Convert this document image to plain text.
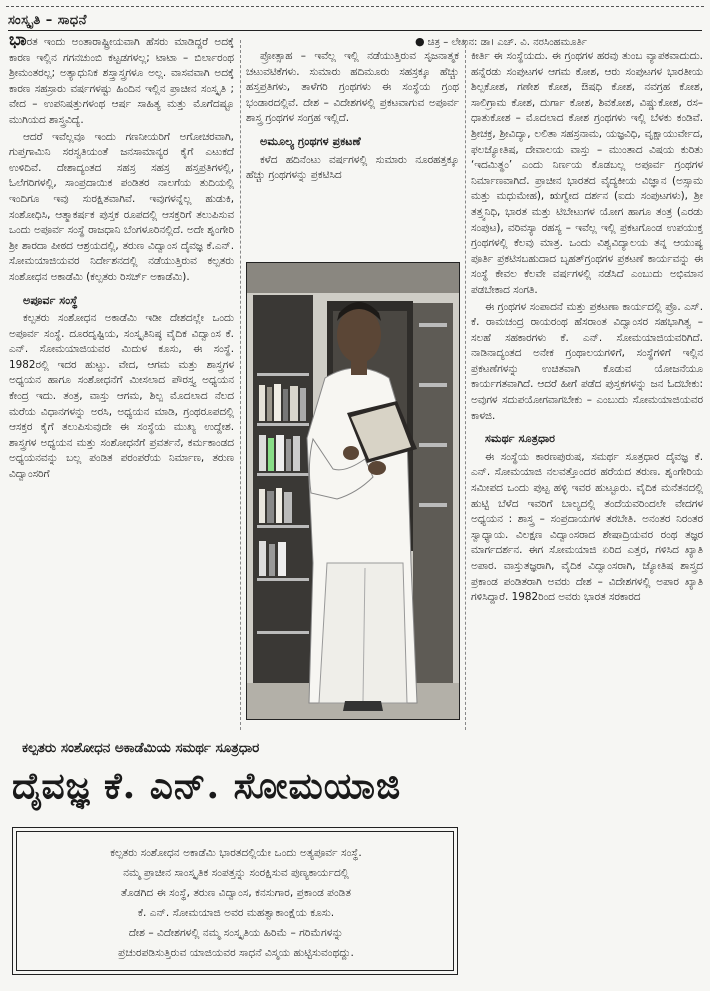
ಸಂಸ್ಕೃತಿ – ಸಾಧನೆ
● ಚಿತ್ರ – ಲೇಖನ: ಡಾ। ಎಚ್. ವಿ. ನರಸಿಂಹಮೂರ್ತಿ

ಭಾರತ ಇಂದು ಅಂತಾರಾಷ್ಟ್ರೀಯವಾಗಿ ಹೆಸರು ಮಾಡಿದ್ದರೆ ಅದಕ್ಕೆ ಕಾರಣ ಇಲ್ಲಿನ ಗಗನಚುಂಬಿ ಕಟ್ಟಡಗಳಲ್ಲ; ಟಾಟಾ – ಬಿರ್ಲಾರಂಥ ಶ್ರೀಮಂತರಲ್ಲ; ಅತ್ಯಾಧುನಿಕ ಶಸ್ತ್ರಾಸ್ತ್ರಗಳೂ ಅಲ್ಲ. ವಾಸವವಾಗಿ ಅದಕ್ಕೆ ಕಾರಣ ಸಹಸ್ರಾರು ವರ್ಷಗಳಷ್ಟು ಹಿಂದಿನ ಇಲ್ಲಿನ ಪ್ರಾಚೀನ ಸಂಸ್ಕೃತಿ ; ವೇದ – ಉಪನಿಷತ್ತುಗಳಂಥ ಆರ್ಷ ಸಾಹಿತ್ಯ ಮತ್ತು ಮೊಗೆದಷ್ಟೂ ಮುಗಿಯದ ಶಾಸ್ತ್ರವಿದ್ಯೆ.

ಆದರೆ ಇವೆಲ್ಲವೂ ಇಂದು ಗಣನೀಯರಿಗೆ ಅಗೋಚರವಾಗಿ, ಗುಪ್ತಗಾಮಿನಿ ಸರಸ್ವತಿಯಂತೆ ಜನಸಾಮಾನ್ಯರ ಕೈಗೆ ಎಟುಕದೆ ಉಳಿದಿವೆ. ದೇಶಾದ್ಯಂತದ ಸಹಸ್ರ ಸಹಸ್ರ ಹಸ್ತಪ್ರತಿಗಳಲ್ಲಿ, ಓಲೆಗರಿಗಳಲ್ಲಿ, ಸಾಂಪ್ರದಾಯಿಕ ಪಂಡಿತರ ನಾಲಗೆಯ ತುದಿಯಲ್ಲಿ ಇಂದಿಗೂ ಇವು ಸುರಕ್ಷಿತವಾಗಿವೆ. ಇವುಗಳನ್ನೆಲ್ಲ ಹುಡುಕಿ, ಸಂಶೋಧಿಸಿ, ಆತ್ಮಾಕರ್ಷಕ ಪುಸ್ತಕ ರೂಪದಲ್ಲಿ ಆಸಕ್ತರಿಗೆ ತಲುಪಿಸುವ ಒಂದು ಅಪೂರ್ವ ಸಂಸ್ಥೆ ರಾಜಧಾನಿ ಬೆಂಗಳೂರಿನಲ್ಲಿದೆ. ಅದೇ ಶೃಂಗೇರಿ ಶ್ರೀ ಶಾರದಾ ಪೀಠದ ಆಶ್ರಯದಲ್ಲಿ, ತರುಣ ವಿದ್ವಾಂಸ ದೈವಜ್ಞ ಕೆ.ಎನ್. ಸೋಮಯಾಜಿಯವರ ನಿರ್ದೇಶನದಲ್ಲಿ ನಡೆಯುತ್ತಿರುವ ಕಲ್ಪತರು ಸಂಶೋಧನ ಅಕಾಡೆಮಿ (ಕಲ್ಪತರು ರಿಸರ್ಚ್ ಅಕಾಡೆಮಿ).

ಅಪೂರ್ವ ಸಂಸ್ಥೆ

ಕಲ್ಪತರು ಸಂಶೋಧನ ಅಕಾಡೆಮಿ ಇಡೀ ದೇಶದಲ್ಲೇ ಒಂದು ಅಪೂರ್ವ ಸಂಸ್ಥೆ. ದೂರದೃಷ್ಟಿಯ, ಸಂಸ್ಕೃತಿನಿಷ್ಠ ವೈದಿಕ ವಿದ್ವಾಂಸ ಕೆ. ಎನ್. ಸೋಮಯಾಜಿಯವರ ಮಿದುಳ ಕೂಸು, ಈ ಸಂಸ್ಥೆ. 1982ರಲ್ಲಿ ಇದರ ಹುಟ್ಟು. ವೇದ, ಆಗಮ ಮತ್ತು ಶಾಸ್ತ್ರಗಳ ಅಧ್ಯಯನ ಹಾಗೂ ಸಂಶೋಧನೆಗೆ ಮೀಸಲಾದ ಪೌರಸ್ತ್ಯ ಅಧ್ಯಯನ ಕೇಂದ್ರ ಇದು. ತಂತ್ರ, ವಾಸ್ತು ಆಗಮ, ಶಿಲ್ಪ ಮೊದಲಾದ ನೆಲದ ಮರೆಯ ವಿಧಾನಗಳನ್ನು ಅರಸಿ, ಅಧ್ಯಯನ ಮಾಡಿ, ಗ್ರಂಥರೂಪದಲ್ಲಿ ಆಸಕ್ತರ ಕೈಗೆ ತಲುಪಿಸುವುದೇ ಈ ಸಂಸ್ಥೆಯ ಮುಖ್ಯ ಉದ್ದೇಶ. ಶಾಸ್ತ್ರಗಳ ಅಧ್ಯಯನ ಮತ್ತು ಸಂಶೋಧನೆಗೆ ಪ್ರವರ್ತನೆ, ಕರ್ಮಕಾಂಡದ ಅಧ್ಯಯನವನ್ನು ಬಲ್ಲ ಪಂಡಿತ ಪರಂಪರೆಯ ನಿರ್ಮಾಣ, ತರುಣ ವಿದ್ವಾಂಸರಿಗೆ

ಪ್ರೋತ್ಸಾಹ – ಇವೆಲ್ಲ ಇಲ್ಲಿ ನಡೆಯುತ್ತಿರುವ ಸೃಜನಾತ್ಮಕ ಚಟುವಟಿಕೆಗಳು. ಸುಮಾರು ಹದಿಮೂರು ಸಹಸ್ರಕ್ಕೂ ಹೆಚ್ಚು ಹಸ್ತಪ್ರತಿಗಳು, ತಾಳೆಗರಿ ಗ್ರಂಥಗಳು ಈ ಸಂಸ್ಥೆಯ ಗ್ರಂಥ ಭಂಡಾರದಲ್ಲಿವೆ. ದೇಶ – ವಿದೇಶಗಳಲ್ಲಿ ಪ್ರಕಟವಾಗುವ ಅಪೂರ್ವ ಶಾಸ್ತ್ರ ಗ್ರಂಥಗಳ ಸಂಗ್ರಹ ಇಲ್ಲಿದೆ.

ಅಮೂಲ್ಯ ಗ್ರಂಥಗಳ ಪ್ರಕಟಣೆ

ಕಳೆದ ಹದಿನೆಂಟು ವರ್ಷಗಳಲ್ಲಿ ಸುಮಾರು ನೂರಹತ್ತಕ್ಕೂ ಹೆಚ್ಚು ಗ್ರಂಥಗಳನ್ನು ಪ್ರಕಟಿಸಿದ

ಕೀರ್ತಿ ಈ ಸಂಸ್ಥೆಯದು. ಈ ಗ್ರಂಥಗಳ ಹರವು ತುಂಬ ವ್ಯಾಪಕವಾದುದು. ಹನ್ನೆರಡು ಸಂಪುಟಗಳ ಆಗಮ ಕೋಶ, ಆರು ಸಂಪುಟಗಳ ಭಾರತೀಯ ಶಿಲ್ಪಕೋಶ, ಗಣೇಶ ಕೋಶ, ಔಷಧಿ ಕೋಶ, ನವಗ್ರಹ ಕೋಶ, ಸಾಲಿಗ್ರಾಮ ಕೋಶ, ದುರ್ಗಾ ಕೋಶ, ಶಿವಕೋಶ, ವಿಷ್ಣುಕೋಶ, ರಸ– ಧಾತುಕೋಶ – ಮೊದಲಾದ ಕೋಶ ಗ್ರಂಥಗಳು ಇಲ್ಲಿ ಬೆಳಕು ಕಂಡಿವೆ. ಶ್ರೀಚಕ್ರ, ಶ್ರೀವಿದ್ಯಾ, ಲಲಿತಾ ಸಹಸ್ರನಾಮ, ಯಜ್ಞವಿಧಿ, ವೃಕ್ಷಾಯುರ್ವೇದ, ಫಲಜ್ಯೋತಿಷ, ದೇವಾಲಯ ವಾಸ್ತು – ಮುಂತಾದ ವಿಷಯ ಕುರಿತು ‘ಇದಮಿತ್ಥಂ’ ಎಂದು ನಿರ್ಣಯ ಕೊಡಬಲ್ಲ ಅಪೂರ್ವ ಗ್ರಂಥಗಳ ನಿರ್ಮಾಣವಾಗಿದೆ. ಪ್ರಾಚೀನ ಭಾರತದ ವೈದ್ಯಕೀಯ ವಿಜ್ಞಾನ (ಅಸ್ಸಾಮ ಮತ್ತು ಮಧುಮೇಹ), ಋಗ್ವೇದ ದರ್ಶನ (ಐದು ಸಂಪುಟಗಳು), ಶ್ರೀ ತತ್ತ್ವನಿಧಿ, ಭಾರತ ಮತ್ತು ಟಿಬೇಟುಗಳ ಯೋಗ ಹಾಗೂ ತಂತ್ರ (ಎರಡು ಸಂಪುಟ), ವರಿವಸ್ಯಾ ರಹಸ್ಯ – ಇವೆಲ್ಲ ಇಲ್ಲಿ ಪ್ರಕಟಗೊಂಡ ಉಪಯುಕ್ತ ಗ್ರಂಥಗಳಲ್ಲಿ ಕೆಲವು ಮಾತ್ರ. ಒಂದು ವಿಶ್ವವಿದ್ಯಾಲಯ ತನ್ನ ಆಯುಷ್ಯ ಪೂರ್ತಿ ಪ್ರಕಟಿಸಬಹುದಾದ ಬೃಹತ್‌ಗ್ರಂಥಗಳ ಪ್ರಕಟಣೆ ಕಾರ್ಯವನ್ನು ಈ ಸಂಸ್ಥೆ ಕೇವಲ ಕೆಲವೇ ವರ್ಷಗಳಲ್ಲಿ ನಡೆಸಿದೆ ಎಂಬುದು ಅಭಿಮಾನ ಪಡಬೇಕಾದ ಸಂಗತಿ.

ಈ ಗ್ರಂಥಗಳ ಸಂಪಾದನೆ ಮತ್ತು ಪ್ರಕಟಣಾ ಕಾರ್ಯದಲ್ಲಿ ಪ್ರೊ. ಎಸ್. ಕೆ. ರಾಮಚಂದ್ರ ರಾಯರಂಥ ಹೆಸರಾಂತ ವಿದ್ವಾಂಸರ ಸಹಭಾಗಿತ್ವ – ಸಲಹೆ ಸಹಕಾರಗಳು ಕೆ. ಎನ್. ಸೋಮಯಾಜಿಯವರಿಗಿದೆ. ನಾಡಿನಾದ್ಯಂತದ ಅನೇಕ ಗ್ರಂಥಾಲಯಗಳಿಗೆ, ಸಂಸ್ಥೆಗಳಿಗೆ ಇಲ್ಲಿನ ಪ್ರಕಟಣೆಗಳನ್ನು ಉಚಿತವಾಗಿ ಕೊಡುವ ಯೋಜನೆಯೂ ಕಾರ್ಯಗತವಾಗಿದೆ. ಆದರೆ ಹೀಗೆ ಪಡೆದ ಪುಸ್ತಕಗಳನ್ನು ಜನ ಓದಬೇಕು: ಅವುಗಳ ಸದುಪಯೋಗವಾಗಬೇಕು – ಎಂಬುದು ಸೋಮಯಾಜಿಯವರ ಕಾಳಜಿ.

ಸಮರ್ಥ ಸೂತ್ರಧಾರ

ಈ ಸಂಸ್ಥೆಯ ಕಾರಣಪುರುಷ, ಸಮರ್ಥ ಸೂತ್ರಧಾರ ದೈವಜ್ಞ ಕೆ. ಎನ್. ಸೋಮಯಾಜಿ ನಲವತ್ತೊಂದರ ಹರೆಯದ ತರುಣ. ಶೃಂಗೇರಿಯ ಸಮೀಪದ ಒಂದು ಪುಟ್ಟ ಹಳ್ಳಿ ಇವರ ಹುಟ್ಟೂರು. ವೈದಿಕ ಮನೆತನದಲ್ಲಿ ಹುಟ್ಟಿ ಬೆಳೆದ ಇವರಿಗೆ ಬಾಲ್ಯದಲ್ಲಿ ತಂದೆಯವರಿಂದಲೇ ವೇದಗಳ ಅಧ್ಯಯನ : ಶಾಸ್ತ್ರ – ಸಂಪ್ರದಾಯಗಳ ತರಬೇತಿ. ಅನಂತರ ನಿರಂತರ ಸ್ವಾಧ್ಯಾಯ. ವಿಲಕ್ಷಣ ವಿದ್ವಾಂಸರಾದ ಶೇಷಾದ್ರಿಯವರ ರಂಥ ತಜ್ಞರ ಮಾರ್ಗದರ್ಶನ. ಈಗ ಸೋಮಯಾಜಿ ಏರಿದ ಎತ್ತರ, ಗಳಿಸಿದ ಖ್ಯಾತಿ ಅಪಾರ. ವಾಸ್ತುತಜ್ಞರಾಗಿ, ವೈದಿಕ ವಿದ್ವಾಂಸರಾಗಿ, ಜ್ಯೋತಿಷ ಶಾಸ್ತ್ರದ ಪ್ರಕಾಂಡ ಪಂಡಿತರಾಗಿ ಅವರು ದೇಶ – ವಿದೇಶಗಳಲ್ಲಿ ಅಪಾರ ಖ್ಯಾತಿ ಗಳಿಸಿದ್ದಾರೆ. 1982ರಿಂದ ಅವರು ಭಾರತ ಸರಕಾರದ

ಕಲ್ಪತರು ಸಂಶೋಧನ ಅಕಾಡೆಮಿಯ ಸಮರ್ಥ ಸೂತ್ರಧಾರ
ದೈವಜ್ಞ ಕೆ. ಎನ್. ಸೋಮಯಾಜಿ
ಕಲ್ಪತರು ಸಂಶೋಧನ ಅಕಾಡೆಮಿ ಭಾರತದಲ್ಲಿಯೇ ಒಂದು ಅತ್ಯಪೂರ್ವ ಸಂಸ್ಥೆ.
ನಮ್ಮ ಪ್ರಾಚೀನ ಸಾಂಸ್ಕೃತಿಕ ಸಂಪತ್ತನ್ನು ಸಂರಕ್ಷಿಸುವ ಪುಣ್ಯಕಾರ್ಯದಲ್ಲಿ
ತೊಡಗಿದ ಈ ಸಂಸ್ಥೆ, ತರುಣ ವಿದ್ವಾಂಸ, ಕನಸುಗಾರ, ಪ್ರಕಾಂಡ ಪಂಡಿತ
ಕೆ. ಎನ್. ಸೋಮಯಾಜಿ ಅವರ ಮಹತ್ವಾಕಾಂಕ್ಷೆಯ ಕೂಸು.
ದೇಶ – ವಿದೇಶಗಳಲ್ಲಿ ನಮ್ಮ ಸಂಸ್ಕೃತಿಯ ಹಿರಿಮೆ – ಗರಿಮೆಗಳನ್ನು
ಪ್ರಚುರಪಡಿಸುತ್ತಿರುವ ಯಾಜಿಯವರ ಸಾಧನೆ ವಿಸ್ಮಯ ಹುಟ್ಟಿಸುವಂಥದ್ದು.
